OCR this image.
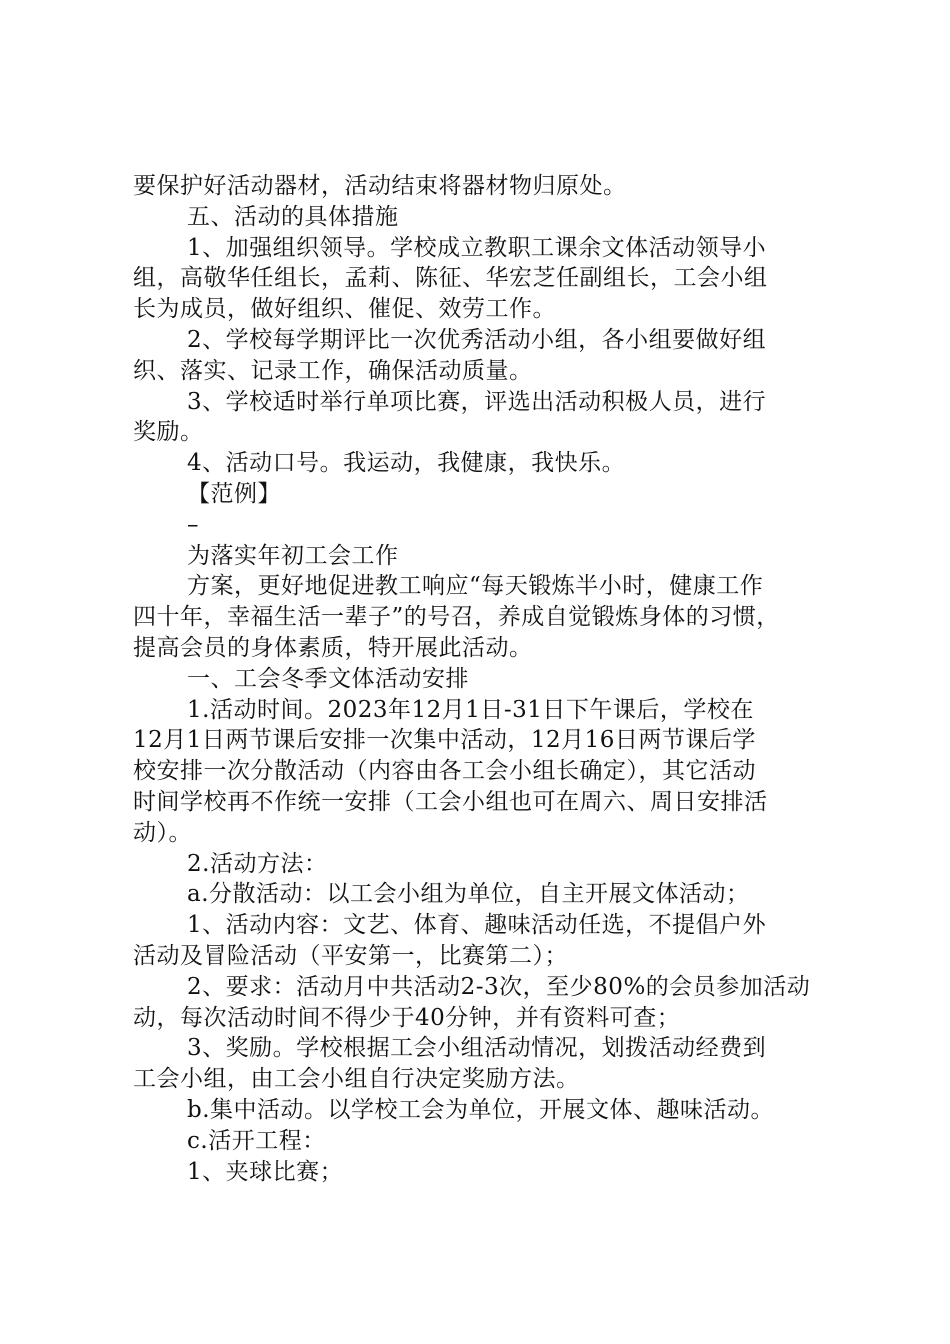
要保护好活动器材，活动结束将器材物归原处。

五、活动的具体措施

1、加强组织领导。学校成立教职工课余文体活动领导小

组，高敬华任组长，孟莉、陈征、华宏芝任副组长，工会小组

长为成员，做好组织、催促、效劳工作。

2、学校每学期评比一次优秀活动小组，各小组要做好组

织、落实、记录工作，确保活动质量。

3、学校适时举行单项比赛，评选出活动积极人员，进行

奖励。

4、活动口号。我运动，我健康，我快乐。

【范例】

–

为落实年初工会工作

方案，更好地促进教工响应“每天锻炼半小时，健康工作

四十年，幸福生活一辈子”的号召，养成自觉锻炼身体的习惯，

提高会员的身体素质，特开展此活动。

一、工会冬季文体活动安排

1.活动时间。2023年12月1日-31日下午课后，学校在

12月1日两节课后安排一次集中活动，12月16日两节课后学

校安排一次分散活动（内容由各工会小组长确定），其它活动

时间学校再不作统一安排（工会小组也可在周六、周日安排活

动）。

2.活动方法：

a.分散活动：以工会小组为单位，自主开展文体活动；

1、活动内容：文艺、体育、趣味活动任选，不提倡户外

活动及冒险活动（平安第一，比赛第二）；

2、要求：活动月中共活动2-3次，至少80%的会员参加活动

动，每次活动时间不得少于40分钟，并有资料可查；

3、奖励。学校根据工会小组活动情况，划拨活动经费到

工会小组，由工会小组自行决定奖励方法。

b.集中活动。以学校工会为单位，开展文体、趣味活动。

c.活开工程：

1、夹球比赛；
